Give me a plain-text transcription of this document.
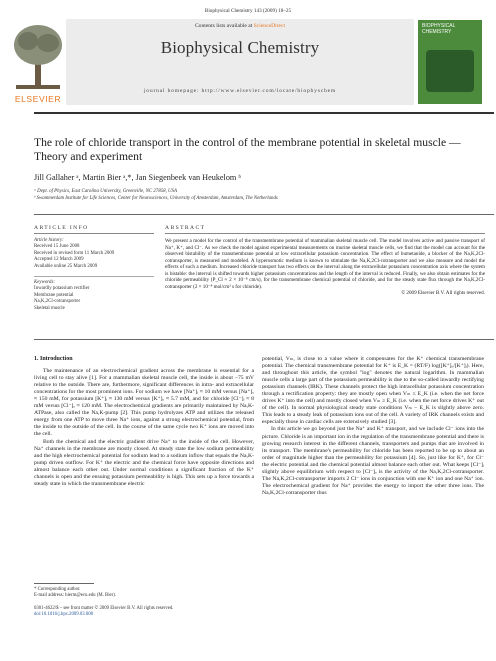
Biophysical Chemistry 143 (2009) 18–25
ELSEVIER
Contents lists available at ScienceDirect
Biophysical Chemistry
journal homepage: http://www.elsevier.com/locate/biophyschem
BIOPHYSICAL CHEMISTRY
The role of chloride transport in the control of the membrane potential in skeletal muscle — Theory and experiment
Jill Gallaher ᵃ, Martin Bier ᵃ,*, Jan Siegenbeek van Heukelom ᵇ
ᵃ Dept. of Physics, East Carolina University, Greenville, NC 27858, USA
ᵇ Swammerdam Institute for Life Sciences, Center for Neurosciences, University of Amsterdam, Amsterdam, The Netherlands
ARTICLE INFO	ABSTRACT
Article history:
Received 15 June 2008
Received in revised form 11 March 2009
Accepted 12 March 2009
Available online 25 March 2009
Keywords:
Inwardly potassium rectifier
Membrane potential
Na,K,2Cl-cotransporter
Skeletal muscle
We present a model for the control of the transmembrane potential of mammalian skeletal muscle cell. The model involves active and passive transport of Na⁺, K⁺, and Cl⁻. As we check the model against experimental measurements on murine skeletal muscle cells, we find that the model can account for the observed bistability of the transmembrane potential at low extracellular potassium concentration. The effect of bumetanide, a blocker of the Na,K,2Cl-cotransporter, is measured and modeled. A hyperosmotic medium is known to stimulate the Na,K,2Cl-cotransporter and we also measure and model the effects of such a medium. Increased chloride transport has two effects on the interval along the extracellular potassium concentration axis where the system is bistable: the interval is shifted towards higher potassium concentrations and the length of the interval is reduced. Finally, we also obtain estimates for the chloride permeability (P_Cl ≈ 2 × 10⁻⁸ cm/s), for the transmembrane chemical potential of chloride, and for the steady state flux through the Na,K,2Cl-cotransporter (2 × 10⁻⁸ mol/cm² s for chloride).
© 2009 Elsevier B.V. All rights reserved.
1. Introduction

The maintenance of an electrochemical gradient across the membrane is essential for a living cell to stay alive [1]. For a mammalian skeletal muscle cell, the inside is about −75 mV relative to the outside. There are, furthermore, significant differences in intra- and extracellular concentrations for the most prominent ions. For sodium we have [Na⁺]ᵢ ≈ 10 mM versus [Na⁺]ₒ ≈ 150 mM, for potassium [K⁺]ᵢ ≈ 130 mM versus [K⁺]ₒ ≈ 5.7 mM, and for chloride [Cl⁻]ᵢ ≈ 8 mM versus [Cl⁻]ₒ ≈ 120 mM. The electrochemical gradients are primarily maintained by Na,K-ATPase, also called the Na,K-pump [2]. This pump hydrolyzes ATP and utilizes the released energy from one ATP to move three Na⁺ ions, against a strong electrochemical potential, from the inside to the outside of the cell. In the course of the same cycle two K⁺ ions are moved into the cell.

Both the chemical and the electric gradient drive Na⁺ to the inside of the cell. However, Na⁺ channels in the membrane are mostly closed. At steady state the low sodium permeability and the high electrochemical potential for sodium lead to a sodium inflow that equals the Na,K-pump driven outflow. For K⁺ the electric and the chemical force have opposite directions and almost balance each other out. Under normal conditions a significant fraction of the K⁺ channels is open and the ensuing potassium permeability is high. This sets up a force towards a steady state in which the transmembrane electric

potential, Vₘ, is close to a value where it compensates for the K⁺ chemical transmembrane potential. The chemical transmembrane potential for K⁺ is E_K = (RT/F) log([K⁺]ₒ/[K⁺]ᵢ). Here, and throughout this article, the symbol "log" denotes the natural logarithm. In mammalian muscle cells a large part of the potassium permeability is due to the so-called inwardly rectifying potassium channels (IRK). These channels protect the high intracellular potassium concentration through a rectification property: they are mostly open when Vₘ ≤ E_K (i.e. when the net force drives K⁺ into the cell) and mostly closed when Vₘ ≥ E_K (i.e. when the net force drives K⁺ out of the cell). In normal physiological steady state conditions Vₘ − E_K is slightly above zero. This leads to a steady leak of potassium ions out of the cell. A variety of IRK channels exists and especially those in cardiac cells are extensively studied [3].

In this article we go beyond just the Na⁺ and K⁺ transport, and we include Cl⁻ ions into the picture. Chloride is an important ion in the regulation of the transmembrane potential and there is growing research interest in the different channels, transporters and pumps that are involved in its transport. The membrane's permeability for chloride has been reported to be up to about an order of magnitude higher than the permeability for potassium [4]. So, just like for K⁺, for Cl⁻ the electric potential and the chemical potential almost balance each other out. What keeps [Cl⁻]ᵢ slightly above equilibrium with respect to [Cl⁻]ₒ is the activity of the Na,K,2Cl-cotransporter. The Na,K,2Cl-cotransporter imports 2 Cl⁻ ions in conjunction with one K⁺ ion and one Na⁺ ion. The electrochemical gradient for Na⁺ provides the energy to import the other three ions. The Na,K,2Cl-cotransporter thus

* Corresponding author.
E-mail address: bierm@ecu.edu (M. Bier).
0301-4622/$ – see front matter © 2009 Elsevier B.V. All rights reserved.
doi:10.1016/j.bpc.2009.03.008
